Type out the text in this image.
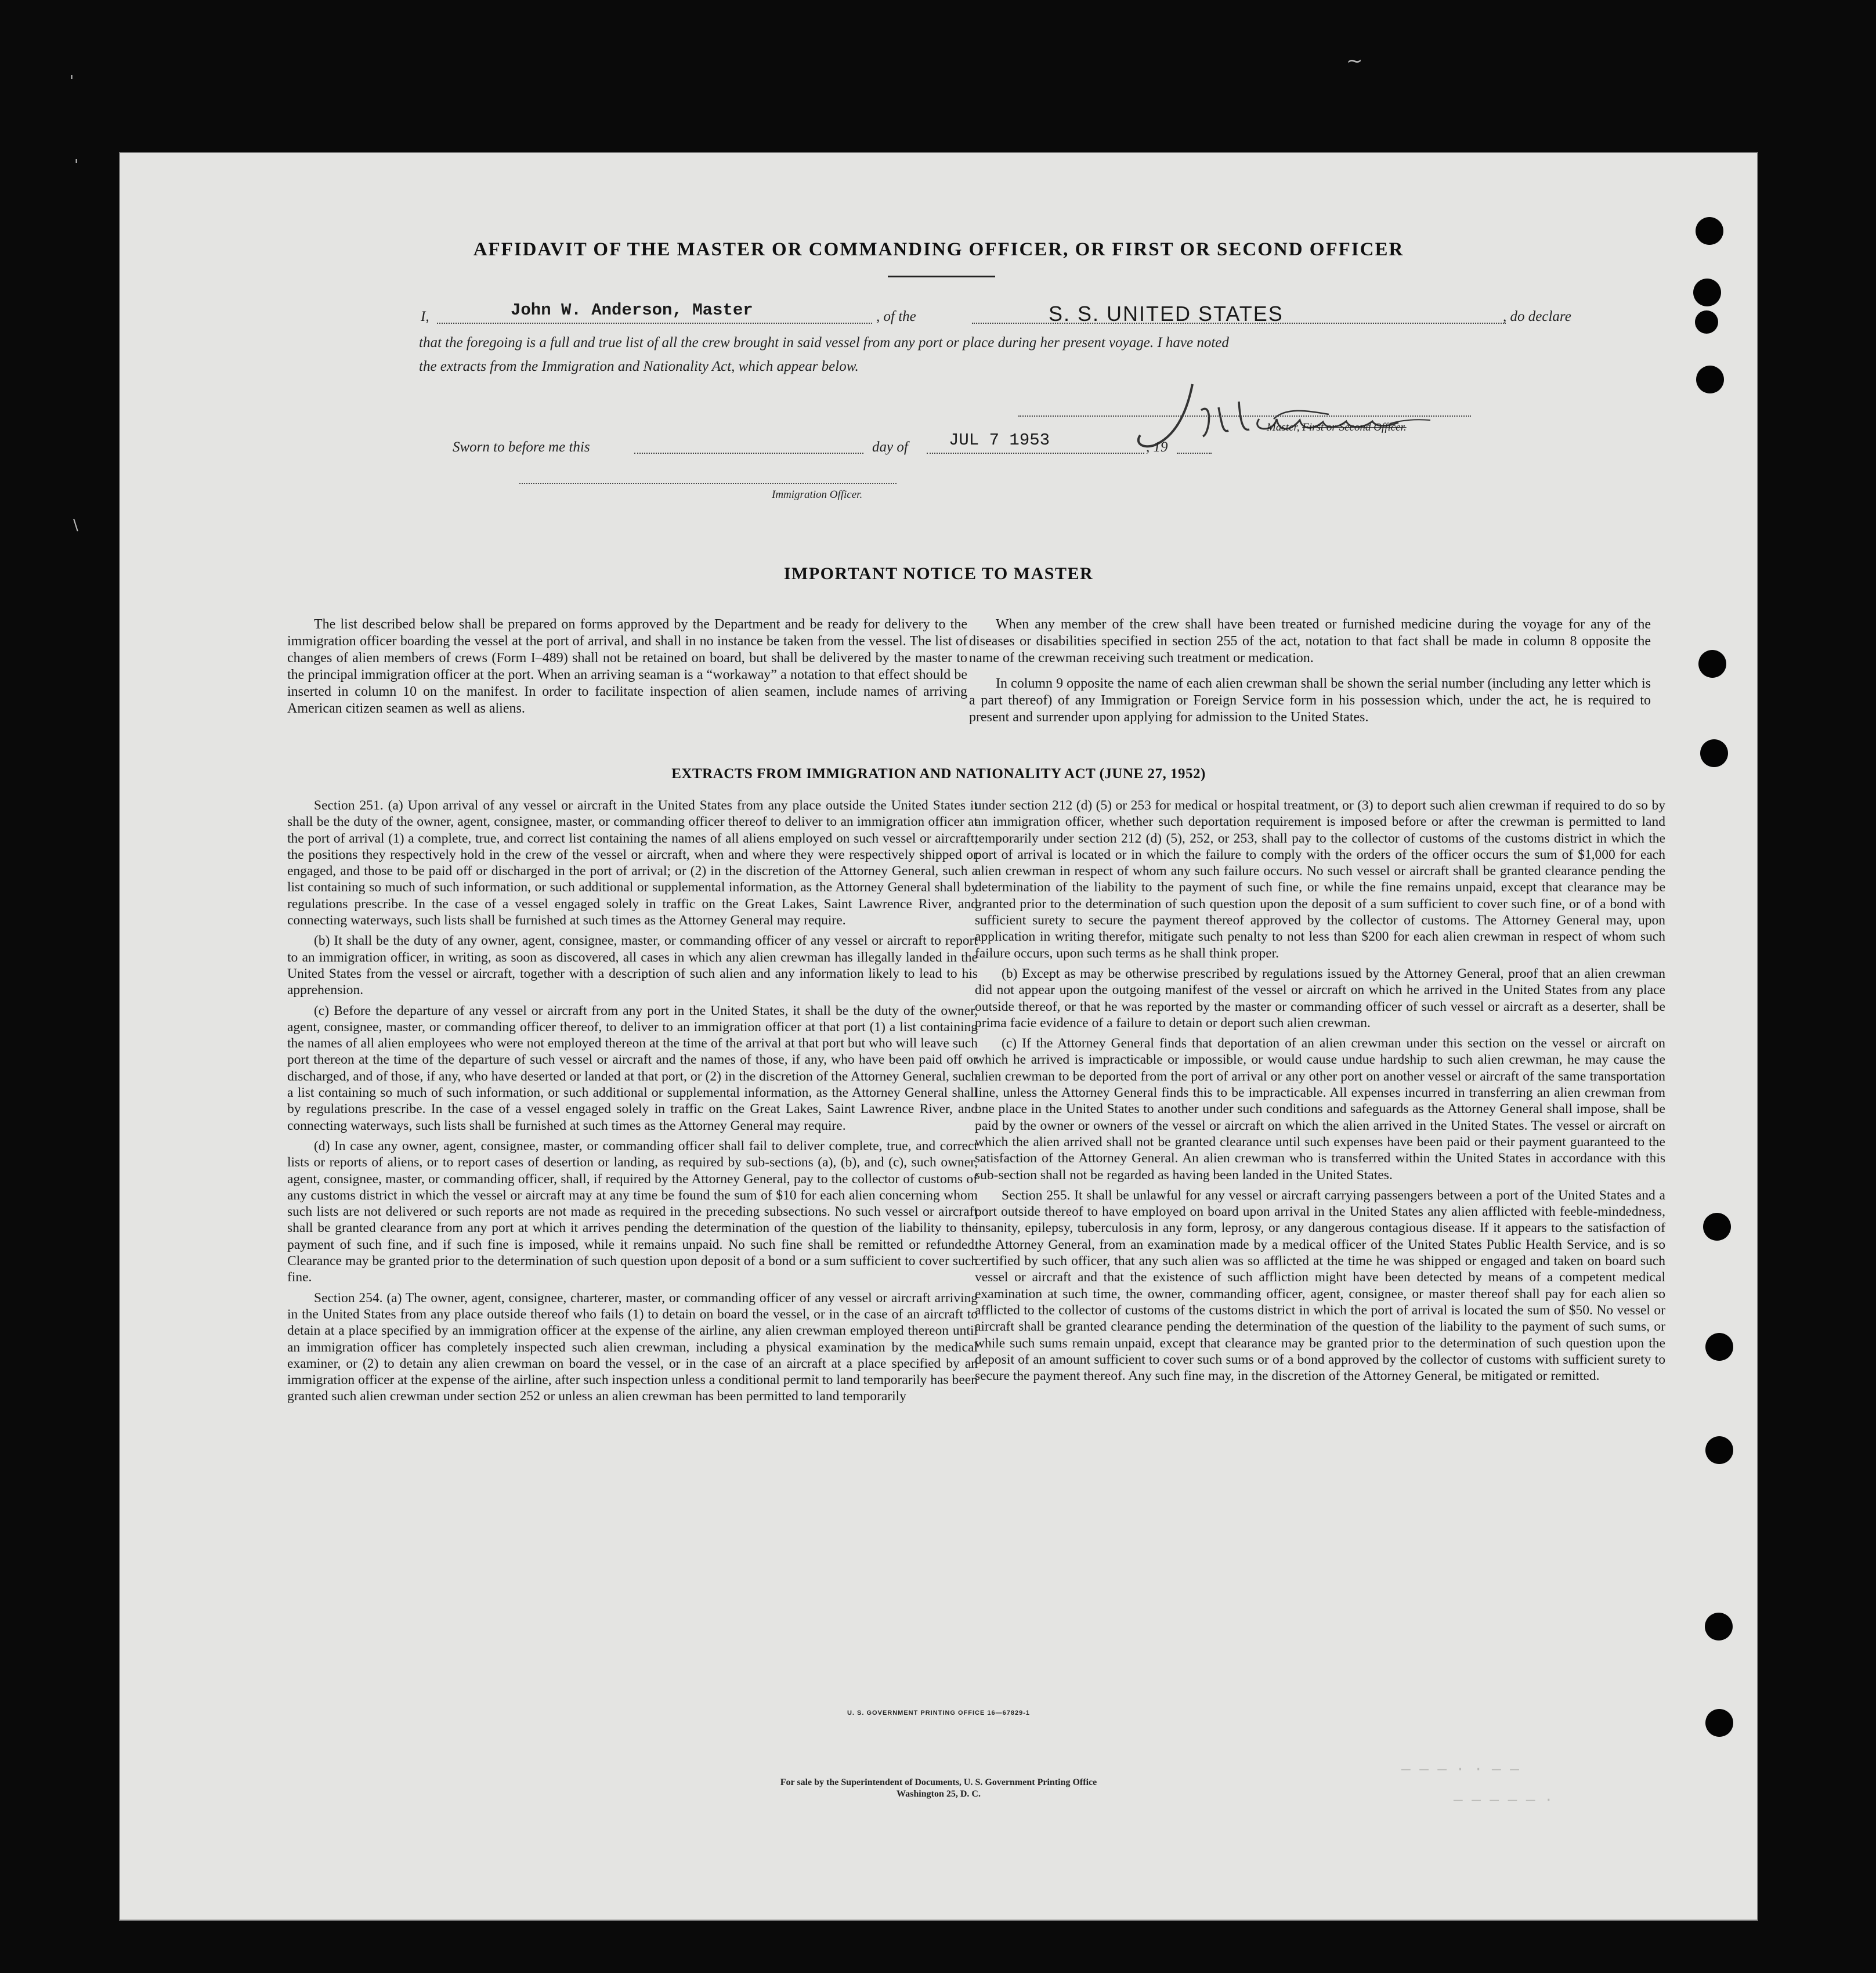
'
'
\
~
— — — · · — —
— — — — — ·
AFFIDAVIT OF THE MASTER OR COMMANDING OFFICER, OR FIRST OR SECOND OFFICER
I,	John W. Anderson, Master	, of the	S. S. UNITED STATES	, do declare
that the foregoing is a full and true list of all the crew brought in said vessel from any port or place during her present voyage. I have noted
the extracts from the Immigration and Nationality Act, which appear below.
Master, First or Second Officer.
Sworn to before me this	day of JUL 7 1953	, 19
Immigration Officer.
IMPORTANT NOTICE TO MASTER

The list described below shall be prepared on forms approved by the Department and be ready for delivery to the immigration officer boarding the vessel at the port of arrival, and shall in no instance be taken from the vessel. The list of changes of alien members of crews (Form I–489) shall not be retained on board, but shall be delivered by the master to the principal immigration officer at the port. When an arriving seaman is a “workaway” a notation to that effect should be inserted in column 10 on the manifest. In order to facilitate inspection of alien seamen, include names of arriving American citizen seamen as well as aliens.

When any member of the crew shall have been treated or furnished medicine during the voyage for any of the diseases or disabilities specified in section 255 of the act, notation to that fact shall be made in column 8 opposite the name of the crewman receiving such treatment or medication.

In column 9 opposite the name of each alien crewman shall be shown the serial number (including any letter which is a part thereof) of any Immigration or Foreign Service form in his possession which, under the act, he is required to present and surrender upon applying for admission to the United States.

EXTRACTS FROM IMMIGRATION AND NATIONALITY ACT (JUNE 27, 1952)

Section 251. (a) Upon arrival of any vessel or aircraft in the United States from any place outside the United States it shall be the duty of the owner, agent, consignee, master, or commanding officer thereof to deliver to an immigration officer at the port of arrival (1) a complete, true, and correct list containing the names of all aliens employed on such vessel or aircraft, the positions they respectively hold in the crew of the vessel or aircraft, when and where they were respectively shipped or engaged, and those to be paid off or discharged in the port of arrival; or (2) in the discretion of the Attorney General, such a list containing so much of such information, or such additional or supplemental information, as the Attorney General shall by regulations prescribe. In the case of a vessel engaged solely in traffic on the Great Lakes, Saint Lawrence River, and connecting waterways, such lists shall be furnished at such times as the Attorney General may require.

(b) It shall be the duty of any owner, agent, consignee, master, or commanding officer of any vessel or aircraft to report to an immigration officer, in writing, as soon as discovered, all cases in which any alien crewman has illegally landed in the United States from the vessel or aircraft, together with a description of such alien and any information likely to lead to his apprehension.

(c) Before the departure of any vessel or aircraft from any port in the United States, it shall be the duty of the owner, agent, consignee, master, or commanding officer thereof, to deliver to an immigration officer at that port (1) a list containing the names of all alien employees who were not employed thereon at the time of the arrival at that port but who will leave such port thereon at the time of the departure of such vessel or aircraft and the names of those, if any, who have been paid off or discharged, and of those, if any, who have deserted or landed at that port, or (2) in the discretion of the Attorney General, such a list containing so much of such information, or such additional or supplemental information, as the Attorney General shall by regulations prescribe. In the case of a vessel engaged solely in traffic on the Great Lakes, Saint Lawrence River, and connecting waterways, such lists shall be furnished at such times as the Attorney General may require.

(d) In case any owner, agent, consignee, master, or commanding officer shall fail to deliver complete, true, and correct lists or reports of aliens, or to report cases of desertion or landing, as required by sub-sections (a), (b), and (c), such owner, agent, consignee, master, or commanding officer, shall, if required by the Attorney General, pay to the collector of customs of any customs district in which the vessel or aircraft may at any time be found the sum of $10 for each alien concerning whom such lists are not delivered or such reports are not made as required in the preceding subsections. No such vessel or aircraft shall be granted clearance from any port at which it arrives pending the determination of the question of the liability to the payment of such fine, and if such fine is imposed, while it remains unpaid. No such fine shall be remitted or refunded. Clearance may be granted prior to the determination of such question upon deposit of a bond or a sum sufficient to cover such fine.

Section 254. (a) The owner, agent, consignee, charterer, master, or commanding officer of any vessel or aircraft arriving in the United States from any place outside thereof who fails (1) to detain on board the vessel, or in the case of an aircraft to detain at a place specified by an immigration officer at the expense of the airline, any alien crewman employed thereon until an immigration officer has completely inspected such alien crewman, including a physical examination by the medical examiner, or (2) to detain any alien crewman on board the vessel, or in the case of an aircraft at a place specified by an immigration officer at the expense of the airline, after such inspection unless a conditional permit to land temporarily has been granted such alien crewman under section 252 or unless an alien crewman has been permitted to land temporarily

under section 212 (d) (5) or 253 for medical or hospital treatment, or (3) to deport such alien crewman if required to do so by an immigration officer, whether such deportation requirement is imposed before or after the crewman is permitted to land temporarily under section 212 (d) (5), 252, or 253, shall pay to the collector of customs of the customs district in which the port of arrival is located or in which the failure to comply with the orders of the officer occurs the sum of $1,000 for each alien crewman in respect of whom any such failure occurs. No such vessel or aircraft shall be granted clearance pending the determination of the liability to the payment of such fine, or while the fine remains unpaid, except that clearance may be granted prior to the determination of such question upon the deposit of a sum sufficient to cover such fine, or of a bond with sufficient surety to secure the payment thereof approved by the collector of customs. The Attorney General may, upon application in writing therefor, mitigate such penalty to not less than $200 for each alien crewman in respect of whom such failure occurs, upon such terms as he shall think proper.

(b) Except as may be otherwise prescribed by regulations issued by the Attorney General, proof that an alien crewman did not appear upon the outgoing manifest of the vessel or aircraft on which he arrived in the United States from any place outside thereof, or that he was reported by the master or commanding officer of such vessel or aircraft as a deserter, shall be prima facie evidence of a failure to detain or deport such alien crewman.

(c) If the Attorney General finds that deportation of an alien crewman under this section on the vessel or aircraft on which he arrived is impracticable or impossible, or would cause undue hardship to such alien crewman, he may cause the alien crewman to be deported from the port of arrival or any other port on another vessel or aircraft of the same transportation line, unless the Attorney General finds this to be impracticable. All expenses incurred in transferring an alien crewman from one place in the United States to another under such conditions and safeguards as the Attorney General shall impose, shall be paid by the owner or owners of the vessel or aircraft on which the alien arrived in the United States. The vessel or aircraft on which the alien arrived shall not be granted clearance until such expenses have been paid or their payment guaranteed to the satisfaction of the Attorney General. An alien crewman who is transferred within the United States in accordance with this sub-section shall not be regarded as having been landed in the United States.

Section 255. It shall be unlawful for any vessel or aircraft carrying passengers between a port of the United States and a port outside thereof to have employed on board upon arrival in the United States any alien afflicted with feeble-mindedness, insanity, epilepsy, tuberculosis in any form, leprosy, or any dangerous contagious disease. If it appears to the satisfaction of the Attorney General, from an examination made by a medical officer of the United States Public Health Service, and is so certified by such officer, that any such alien was so afflicted at the time he was shipped or engaged and taken on board such vessel or aircraft and that the existence of such affliction might have been detected by means of a competent medical examination at such time, the owner, commanding officer, agent, consignee, or master thereof shall pay for each alien so afflicted to the collector of customs of the customs district in which the port of arrival is located the sum of $50. No vessel or aircraft shall be granted clearance pending the determination of the question of the liability to the payment of such sums, or while such sums remain unpaid, except that clearance may be granted prior to the determination of such question upon the deposit of an amount sufficient to cover such sums or of a bond approved by the collector of customs with sufficient surety to secure the payment thereof. Any such fine may, in the discretion of the Attorney General, be mitigated or remitted.

U. S. GOVERNMENT PRINTING OFFICE 16—67829-1
For sale by the Superintendent of Documents, U. S. Government Printing Office
Washington 25, D. C.
